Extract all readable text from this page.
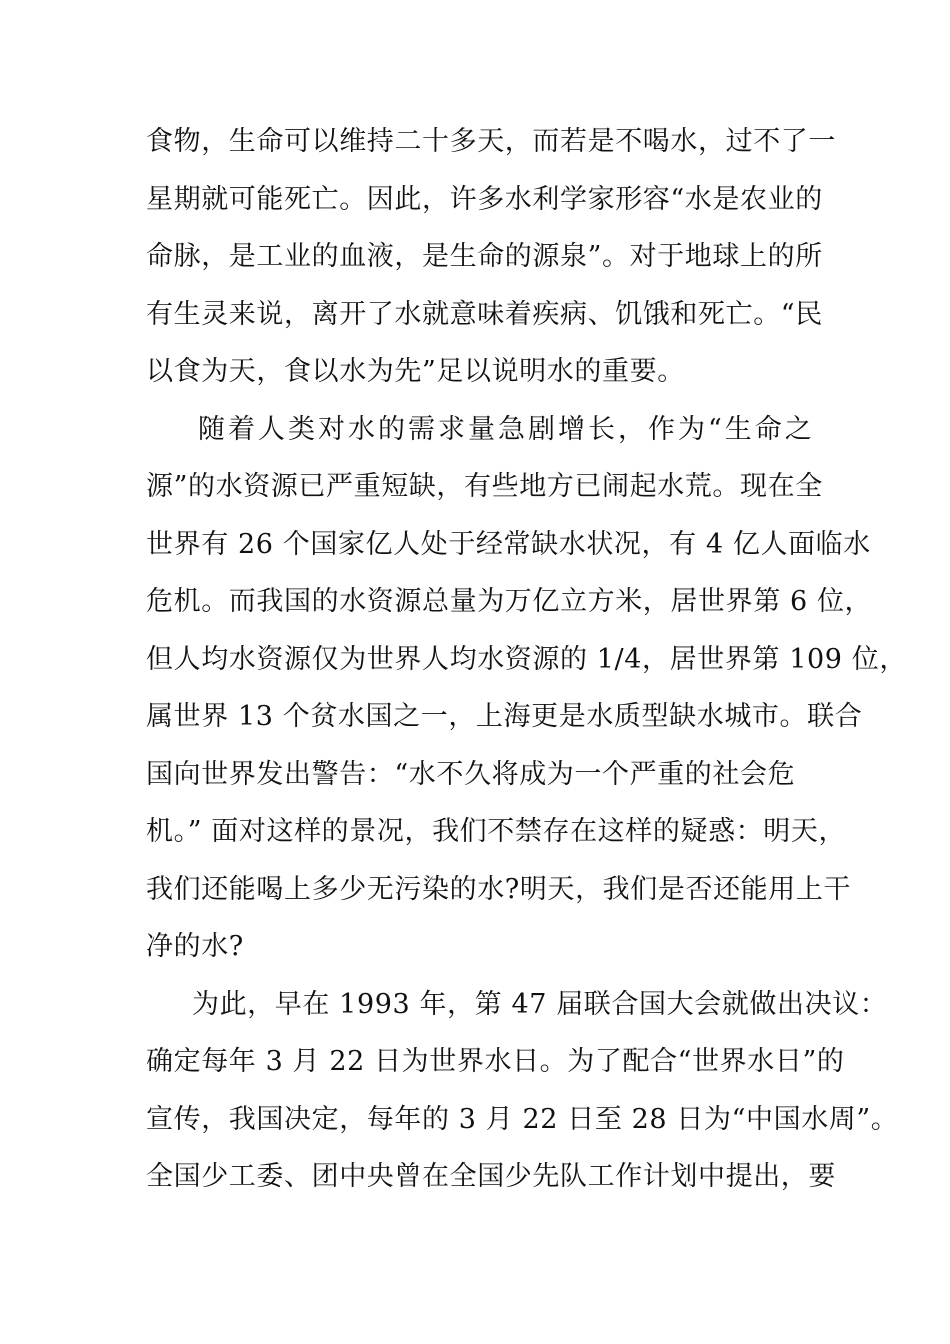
食物，生命可以维持二十多天，而若是不喝水，过不了一
星期就可能死亡。因此，许多水利学家形容“水是农业的
命脉，是工业的血液，是生命的源泉”。对于地球上的所
有生灵来说，离开了水就意味着疾病、饥饿和死亡。“民
以食为天，食以水为先”足以说明水的重要。
随着人类对水的需求量急剧增长，作为“生命之
源”的水资源已严重短缺，有些地方已闹起水荒。现在全
世界有 26 个国家亿人处于经常缺水状况，有 4 亿人面临水
危机。而我国的水资源总量为万亿立方米，居世界第 6 位，
但人均水资源仅为世界人均水资源的 1/4，居世界第 109 位，
属世界 13 个贫水国之一，上海更是水质型缺水城市。联合
国向世界发出警告：“水不久将成为一个严重的社会危
机。” 面对这样的景况，我们不禁存在这样的疑惑：明天，
我们还能喝上多少无污染的水?明天，我们是否还能用上干
净的水?
为此，早在 1993 年，第 47 届联合国大会就做出决议：
确定每年 3 月 22 日为世界水日。为了配合“世界水日”的
宣传，我国决定，每年的 3 月 22 日至 28 日为“中国水周”。
全国少工委、团中央曾在全国少先队工作计划中提出，要
